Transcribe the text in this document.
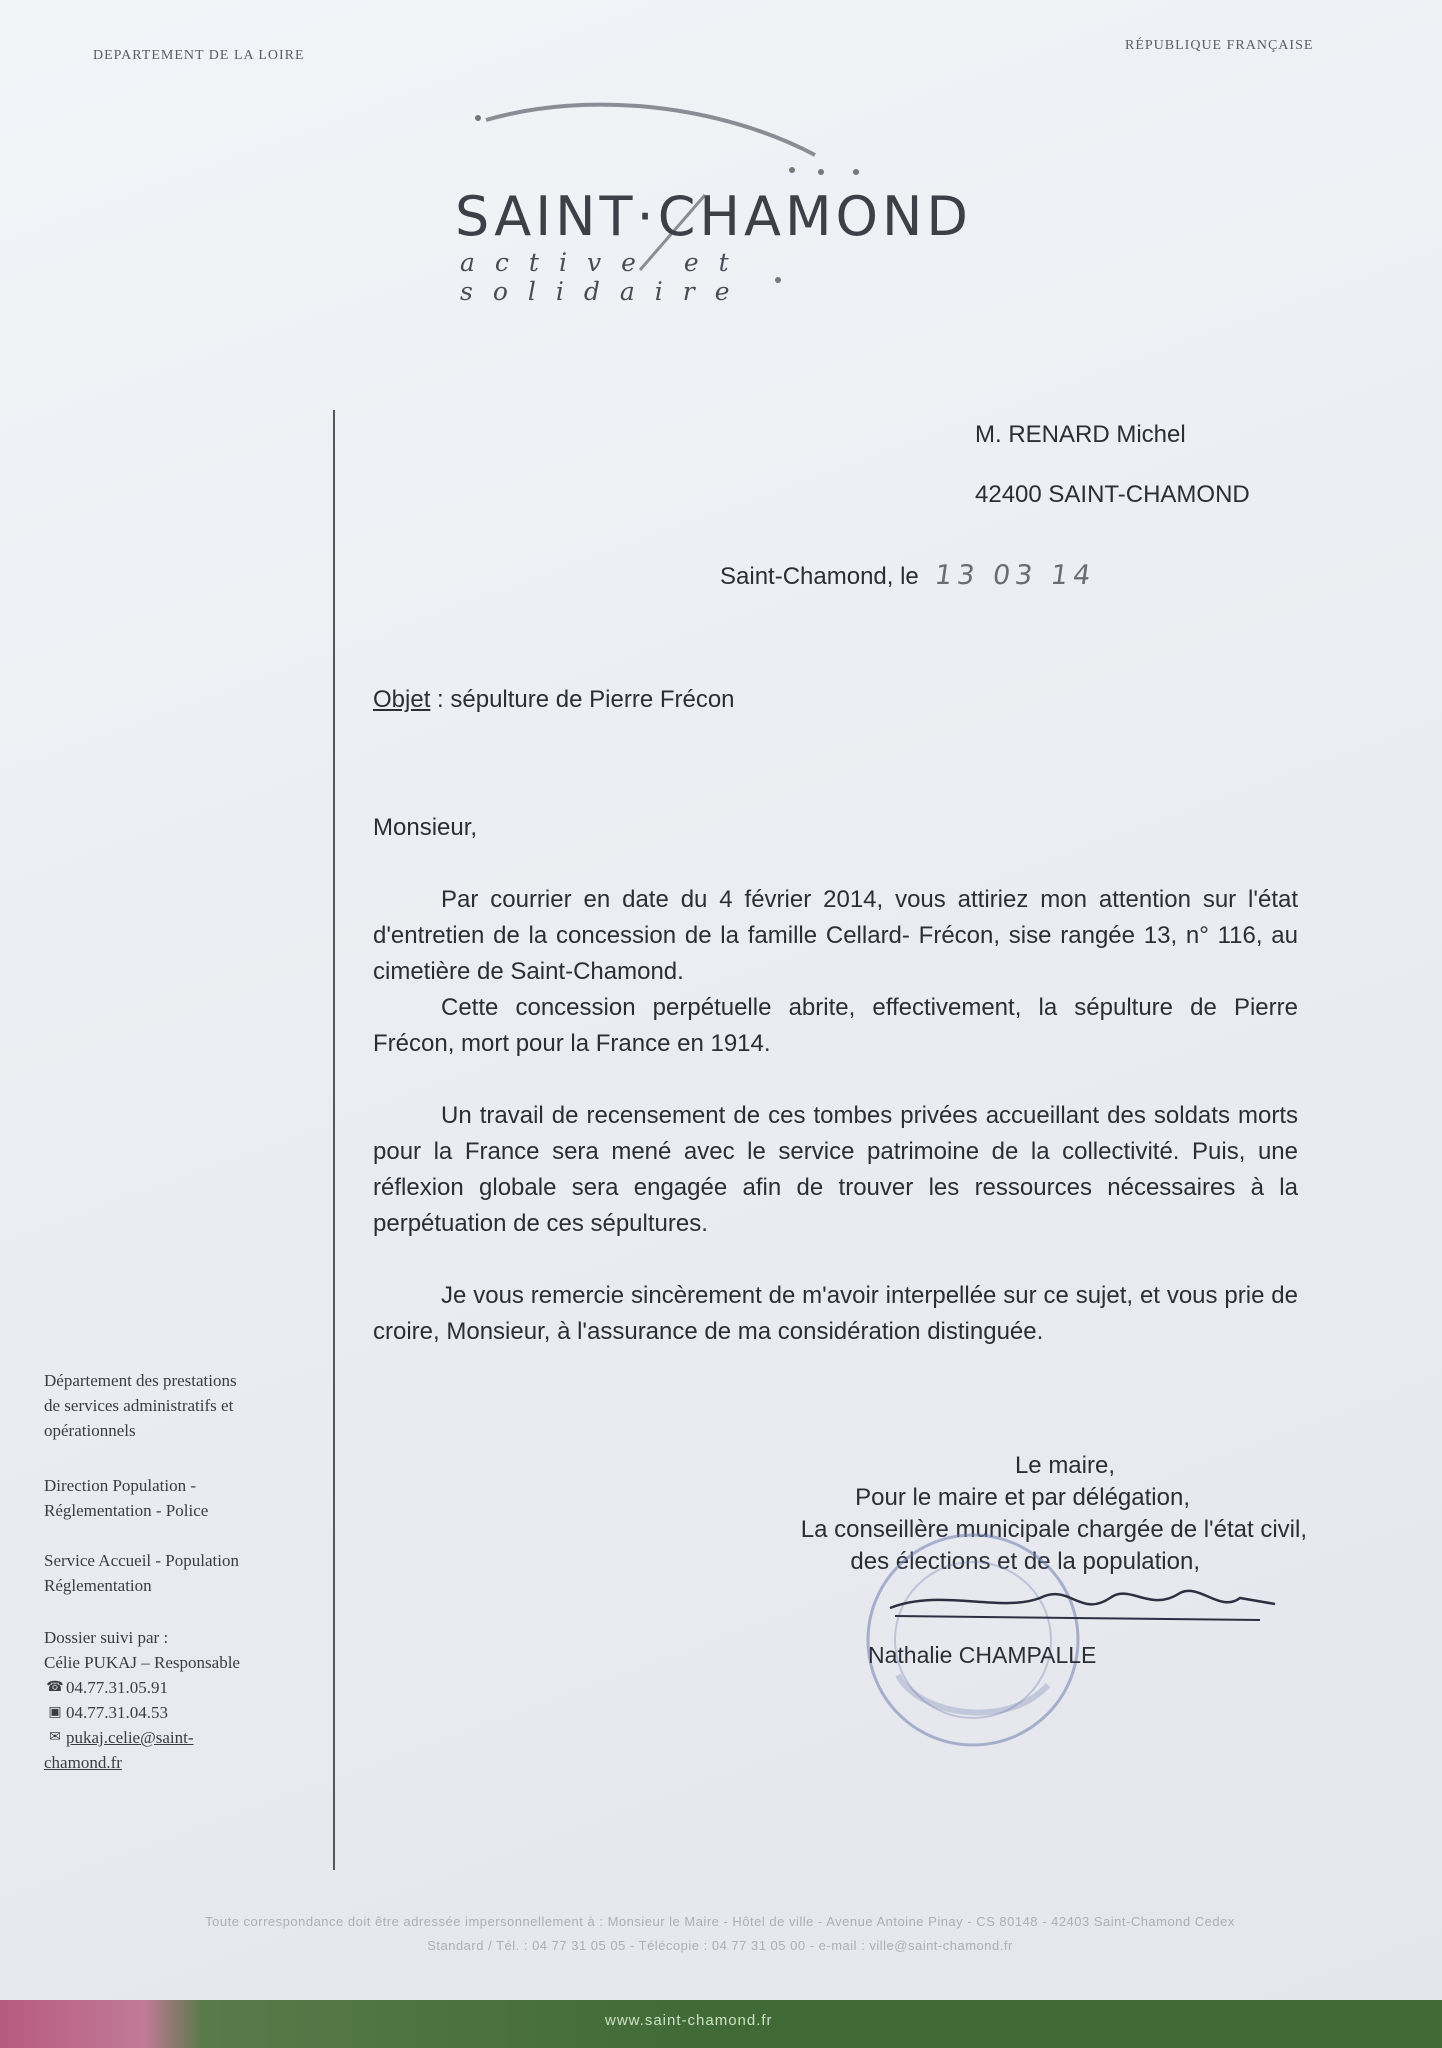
DEPARTEMENT DE LA LOIRE
RÉPUBLIQUE FRANÇAISE
SAINT·CHAMOND
active et solidaire
M. RENARD Michel
42400 SAINT-CHAMOND
Saint-Chamond, le 13 03 14
Objet : sépulture de Pierre Frécon

Monsieur,

Par courrier en date du 4 février 2014, vous attiriez mon attention sur l'état d'entretien de la concession de la famille Cellard- Frécon, sise rangée 13, n° 116, au cimetière de Saint-Chamond.

Cette concession perpétuelle abrite, effectivement, la sépulture de Pierre Frécon, mort pour la France en 1914.

Un travail de recensement de ces tombes privées accueillant des soldats morts pour la France sera mené avec le service patrimoine de la collectivité. Puis, une réflexion globale sera engagée afin de trouver les ressources nécessaires à la perpétuation de ces sépultures.

Je vous remercie sincèrement de m'avoir interpellée sur ce sujet, et vous prie de croire, Monsieur, à l'assurance de ma considération distinguée.

Le maire,
Pour le maire et par délégation,
La conseillère municipale chargée de l'état civil,
des élections et de la population,
Nathalie CHAMPALLE
Département des prestations
de services administratifs et
opérationnels
Direction Population -
Réglementation - Police
Service Accueil - Population
Réglementation
Dossier suivi par :
Célie PUKAJ – Responsable
☎ 04.77.31.05.91
▣ 04.77.31.04.53
✉ pukaj.celie@saint-
chamond.fr
Toute correspondance doit être adressée impersonnellement à : Monsieur le Maire - Hôtel de ville - Avenue Antoine Pinay - CS 80148 - 42403 Saint-Chamond Cedex
Standard / Tél. : 04 77 31 05 05 - Télécopie : 04 77 31 05 00 - e-mail : ville@saint-chamond.fr
www.saint-chamond.fr
